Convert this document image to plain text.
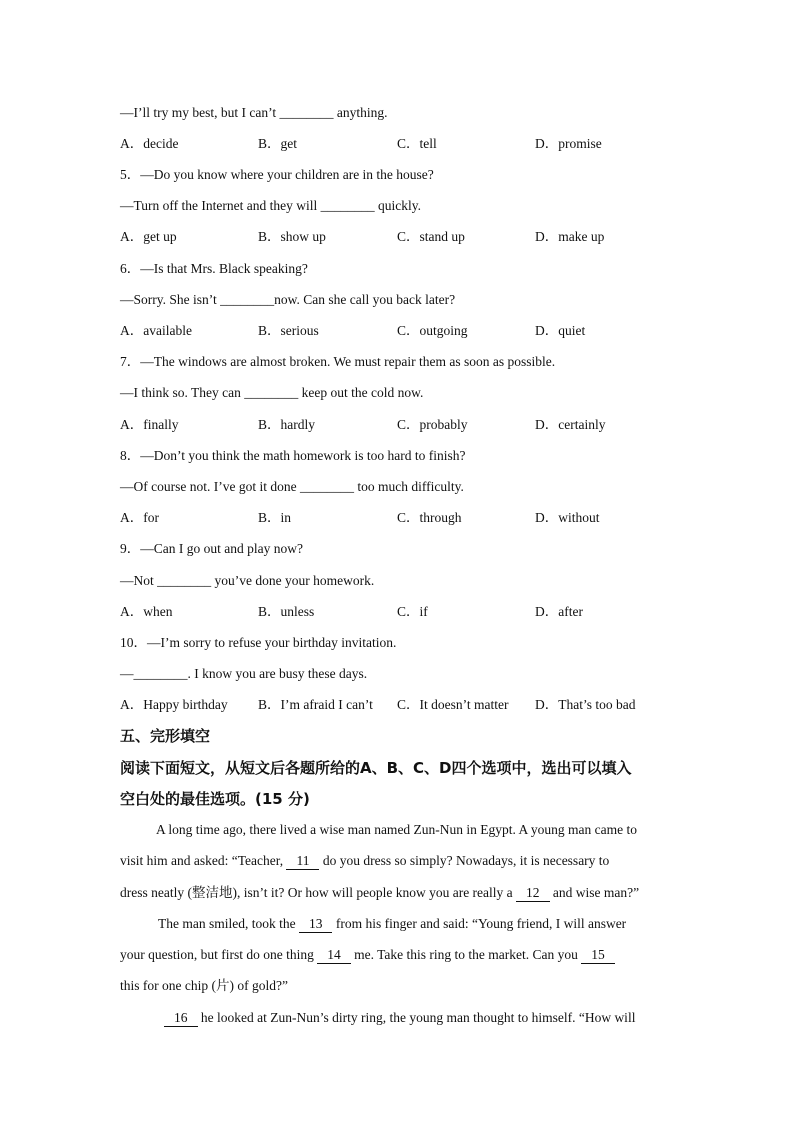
—I’ll try my best, but I can’t ________ anything.
A．decide	B．get	C．tell	D．promise
5．—Do you know where your children are in the house?
—Turn off the Internet and they will ________ quickly.
A．get up	B．show up	C．stand up	D．make up
6．—Is that Mrs. Black speaking?
—Sorry. She isn’t ________now. Can she call you back later?
A．available	B．serious	C．outgoing	D．quiet
7．—The windows are almost broken. We must repair them as soon as possible.
—I think so. They can ________ keep out the cold now.
A．finally	B．hardly	C．probably	D．certainly
8．—Don’t you think the math homework is too hard to finish?
—Of course not. I’ve got it done ________ too much difficulty.
A．for	B．in	C．through	D．without
9．—Can I go out and play now?
—Not ________ you’ve done your homework.
A．when	B．unless	C．if	D．after
10．—I’m sorry to refuse your birthday invitation.
—________. I know you are busy these days.
A．Happy birthday B．I’m afraid I can’t C．It doesn’t matter D．That’s too bad
五、完形填空
阅读下面短文，从短文后各题所给的A、B、C、D四个选项中，选出可以填入
空白处的最佳选项。(15 分)
A long time ago, there lived a wise man named Zun-Nun in Egypt. A young man came to
visit him and asked: “Teacher, 11 do you dress so simply? Nowadays, it is necessary to
dress neatly (整洁地), isn’t it? Or how will people know you are really a 12 and wise man?”
The man smiled, took the 13 from his finger and said: “Young friend, I will answer
your question, but first do one thing 14 me. Take this ring to the market. Can you 15
this for one chip (片) of gold?”
16 he looked at Zun-Nun’s dirty ring, the young man thought to himself. “How will
